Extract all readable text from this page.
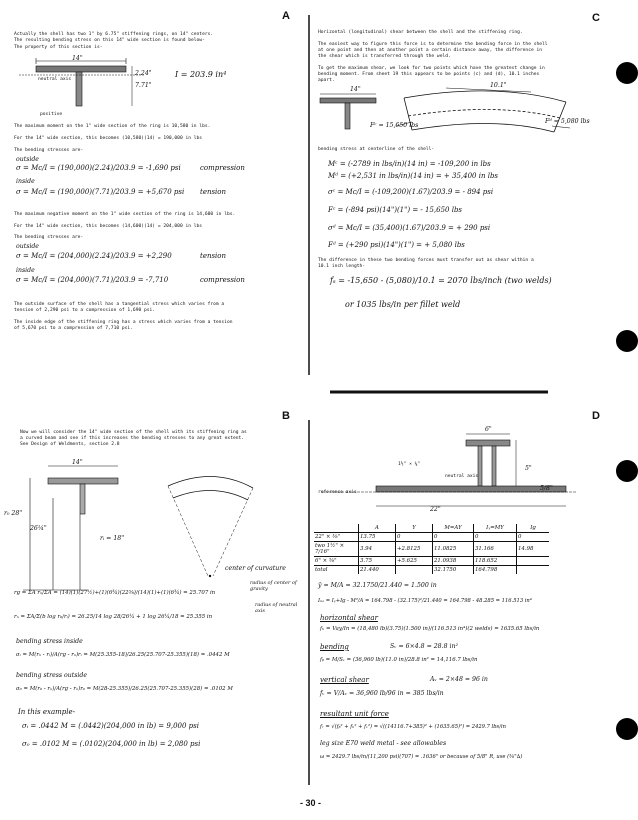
A
Actually the shell has two 1" by 6.75" stiffening rings, on 14" centers.
The resulting bending stress on this 14" wide section is found below-
The property of this section is-
14"
neutral axis
2.24"
7.71"
positive
I = 203.9 in⁴
The maximum moment on the 1" wide section of the ring is 10,580 in lbs.
For the 14" wide section, this becomes (10,580)(14) = 190,000 in lbs
The bending stresses are-
outside
σ = Mc/I = (190,000)(2.24)/203.9 = -1,690 psi	compression
inside
σ = Mc/I = (190,000)(7.71)/203.9 = +5,670 psi tension
The maximum negative moment on the 1" wide section of the ring is 14,600 in lbs.
For the 14" wide section, this becomes (14,600)(14) = 204,000 in lbs
The bending stresses are-
outside
σ = Mc/I = (204,000)(2.24)/203.9 = +2,290	tension
inside
σ = Mc/I = (204,000)(7.71)/203.9 = -7,710	compression
The outside surface of the shell has a tangential stress which varies from a
tension of 2,290 psi to a compression of 1,690 psi.
The inside edge of the stiffening ring has a stress which varies from a tension
of 5,670 psi to a compression of 7,710 psi.
C
Horizontal (longitudinal) shear between the shell and the stiffening ring.
The easiest way to figure this force is to determine the bending force in the shell
at one point and then at another point a certain distance away, the difference in
the shear which is transferred through the weld.
To get the maximum shear, we look for two points which have the greatest change in
bending moment. From sheet 19 this appears to be points (c) and (d), 10.1 inches
apart.
14"
10.1"
Fᶜ = 15,650 lbs
Fᵈ = 5,080 lbs
bending stress at centerline of the shell-
Mᶜ = (-2789 in lbs/in)(14 in) = -109,200 in lbs
Mᵈ = (+2,531 in lbs/in)(14 in) = + 35,400 in lbs
σᶜ = Mc/I = (-109,200)(1.67)/203.9 = - 894 psi
Fᶜ = (-894 psi)(14")(1") = - 15,650 lbs
σᵈ = Mc/I = (35,400)(1.67)/203.9 = + 290 psi
Fᵈ = (+290 psi)(14")(1") = + 5,080 lbs
The difference in these two bending forces must transfer out as shear within a
10.1 inch length-
fₛ = -15,650 - (5,080)/10.1 = 2070 lbs/inch (two welds)
or 1035 lbs/in per fillet weld
B
Now we will consider the 14" wide section of the shell with its stiffening ring as
a curved beam and see if this increases the bending stresses to any great extent.
See Design of Weldments, section 2.8
14"
r₀ 28"
26¼"
rᵢ = 18"
center of curvature
radius of center of gravity
radius of neutral axis
rɡ = ΣA rₙ/ΣA = (14)(1)(27½)+(1)(6¾)(22⅜)/(14)(1)+(1)(6¾) = 25.707 in
rₙ = ΣA/Σ(b log r₀/rᵢ) = 26.25/14 log 28/26¼ + 1 log 26¼/18 = 25.355 in
bending stress inside
σᵢ = M(rₙ - rᵢ)/A(rɡ - rₙ)rᵢ = M(25.355-18)/26.25(25.707-25.355)(18) = .0442 M
bending stress outside
σ₀ = M(r₀ - rₙ)/A(rɡ - rₙ)r₀ = M(28-25.355)/26.25(25.707-25.355)(28) = .0102 M
In this example-
σᵢ = .0442 M = (.0442)(204,000 in lb) = 9,000 psi
σ₀ = .0102 M = (.0102)(204,000 in lb) = 2,080 psi
D
6"
5"
neutral axis
1½" × ⅜"
reference axis
5/8"
22"
	A	Y	M=AY	Iᵧ=MY	Iɡ
22" × ⅜"	13.75	0	0	0	0
two 1½" × 7/16"	3.94	+2.8125	11.0825	31.166	14.98
6" × ⅝"	3.75	+5.625	21.0938	118.652	
total	21.440		32.1750	164.798	
ȳ = M/A = 32.1750/21.440 = 1.500 in
Iₙₐ = Iᵧ+Iɡ - M²/A = 164.798 - (32.175)²/21.440 = 164.798 - 48.285 = 116.513 in⁴
horizontal shear
fₕ = Vay/In = (18,480 lb)(3.75)(1.500 in)/(116.513 in⁴)(2 welds) = 1635.65 lbs/in
bending	Sᵥ = 6×4.8 = 28.8 in²
fᵦ = M/Sᵥ = (36,960 lb)(11.0 in)/28.8 in² = 14,116.7 lbs/in
vertical shear	Aᵥ = 2×48 = 96 in
fᵥ = V/Aᵥ = 36,960 lb/96 in = 385 lbs/in
resultant unit force
fᵣ = √(fᵦ² + fₕ² + fᵥ²) = √((14116.7+385)² + (1635.65)²) = 2429.7 lbs/in
leg size E70 weld metal - see allowables
ω = 2429.7 lbs/in/(11,200 psi)(707) = .1636" or because of 5/8" R, use (⅜"∆)
- 30 -
